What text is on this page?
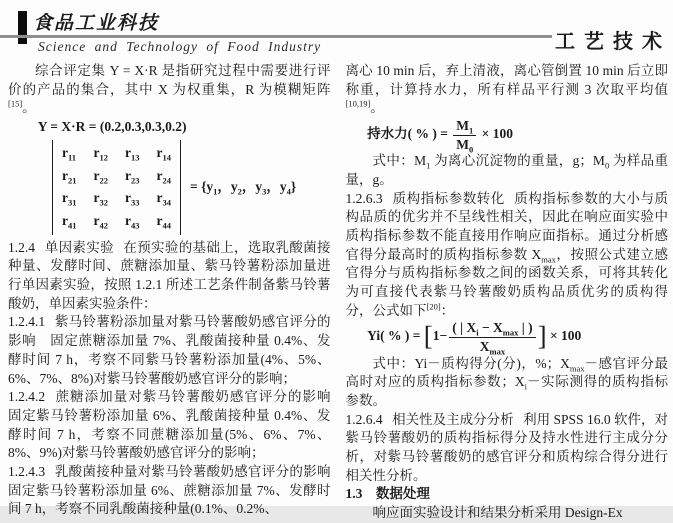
食品工业科技
Science and Technology of Food Industry	工艺技术

综合评定集 Y = X·R 是指研究过程中需要进行评价的产品的集合，其中 X 为权重集，R 为模糊矩阵[15]。

Y = X·R = (0.2,0.3,0.3,0.2)

$r_{11}$ $r_{12}$ $r_{13}$ $r_{14}$
$r_{21}$ $r_{22}$ $r_{23}$ $r_{24}$
$r_{31}$ $r_{32}$ $r_{33}$ $r_{34}$
$r_{41}$ $r_{42}$ $r_{43}$ $r_{44}$
= {$y_1$，$y_2$，$y_3$，$y_4$}

1.2.4 单因素实验 在预实验的基础上，选取乳酸菌接种量、发酵时间、蔗糖添加量、紫马铃薯粉添加量进行单因素实验，按照 1.2.1 所述工艺条件制备紫马铃薯酸奶，单因素实验条件：

1.2.4.1 紫马铃薯粉添加量对紫马铃薯酸奶感官评分的影响　固定蔗糖添加量 7%、乳酸菌接种量 0.4%、发酵时间 7 h，考察不同紫马铃薯粉添加量(4%、5%、6%、7%、8%)对紫马铃薯酸奶感官评分的影响；

1.2.4.2 蔗糖添加量对紫马铃薯酸奶感官评分的影响　固定紫马铃薯粉添加量 6%、乳酸菌接种量 0.4%、发酵时间 7 h，考察不同蔗糖添加量(5%、6%、7%、8%、9%)对紫马铃薯酸奶感官评分的影响；

1.2.4.3 乳酸菌接种量对紫马铃薯酸奶感官评分的影响　固定紫马铃薯粉添加量 6%、蔗糖添加量 7%、发酵时间 7 h，考察不同乳酸菌接种量(0.1%、0.2%、

离心 10 min 后，弃上清液，离心管倒置 10 min 后立即称重，计算持水力，所有样品平行测 3 次取平均值[10,19]。

持水力( % ) = $\frac{M_1}{M_0} \times 100$

式中：$M_1$ 为离心沉淀物的重量，g；$M_0$ 为样品重量，g。

1.2.6.3 质构指标参数转化 质构指标参数的大小与质构品质的优劣并不呈线性相关，因此在响应面实验中质构指标参数不能直接用作响应面指标。通过分析感官得分最高时的质构指标参数 $X_{max}$，按照公式建立感官得分与质构指标参数之间的函数关系，可将其转化为可直接代表紫马铃薯酸奶质构品质优劣的质构得分，公式如下[20]：

Yi( % ) = [$1- \frac{( | X_i - X_{max} | )}{X_{max}}$ ] × 100

式中：Yi－质构得分(分)，%；$X_{max}-$感官评分最高时对应的质构指标参数；$X_i-$实际测得的质构指标参数。

1.2.6.4 相关性及主成分分析 利用 SPSS 16.0 软件，对紫马铃薯酸奶的质构指标得分及持水性进行主成分分析，对紫马铃薯酸奶的感官评分和质构综合得分进行相关性分析。

1.3 数据处理

响应面实验设计和结果分析采用 Design-Ex
